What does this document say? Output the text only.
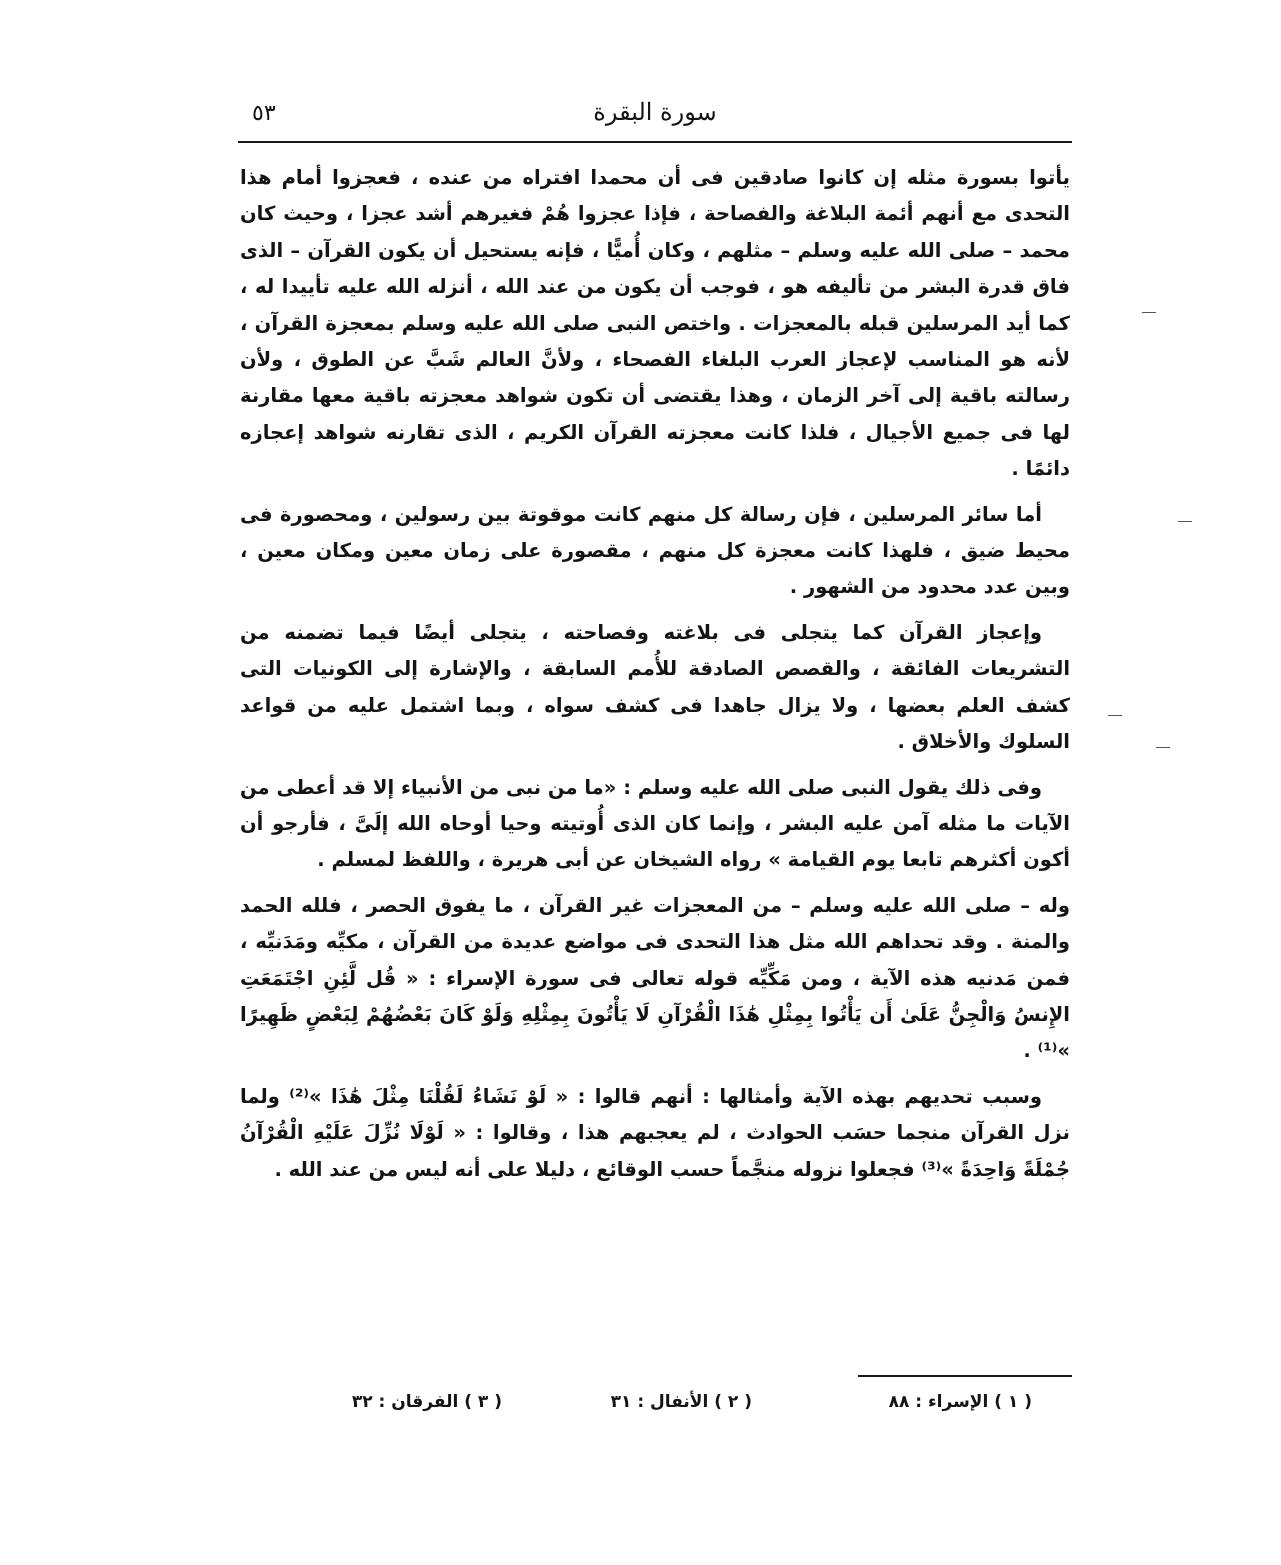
سورة البقرة
٥٣

يأتوا بسورة مثله إن كانوا صادقين فى أن محمدا افتراه من عنده ، فعجزوا أمام هذا التحدى مع أنهم أئمة البلاغة والفصاحة ، فإذا عجزوا هُمْ فغيرهم أشد عجزا ، وحيث كان محمد – صلى الله عليه وسلم – مثلهم ، وكان أُميًّا ، فإنه يستحيل أن يكون القرآن – الذى فاق قدرة البشر من تأليفه هو ، فوجب أن يكون من عند الله ، أنزله الله عليه تأييدا له ، كما أيد المرسلين قبله بالمعجزات . واختص النبى صلى الله عليه وسلم بمعجزة القرآن ، لأنه هو المناسب لإعجاز العرب البلغاء الفصحاء ، ولأنَّ العالم شَبَّ عن الطوق ، ولأن رسالته باقية إلى آخر الزمان ، وهذا يقتضى أن تكون شواهد معجزته باقية معها مقارنة لها فى جميع الأجيال ، فلذا كانت معجزته القرآن الكريم ، الذى تقارنه شواهد إعجازه دائمًا .

أما سائر المرسلين ، فإن رسالة كل منهم كانت موقوتة بين رسولين ، ومحصورة فى محيط ضيق ، فلهذا كانت معجزة كل منهم ، مقصورة على زمان معين ومكان معين ، وبين عدد محدود من الشهور .

وإعجاز القرآن كما يتجلى فى بلاغته وفصاحته ، يتجلى أيضًا فيما تضمنه من التشريعات الفائقة ، والقصص الصادقة للأُمم السابقة ، والإشارة إلى الكونيات التى كشف العلم بعضها ، ولا يزال جاهدا فى كشف سواه ، وبما اشتمل عليه من قواعد السلوك والأخلاق .

وفى ذلك يقول النبى صلى الله عليه وسلم : «ما من نبى من الأنبياء إلا قد أعطى من الآيات ما مثله آمن عليه البشر ، وإنما كان الذى أُوتيته وحيا أوحاه الله إلَىَّ ، فأرجو أن أكون أكثرهم تابعا يوم القيامة » رواه الشيخان عن أبى هريرة ، واللفظ لمسلم .

وله – صلى الله عليه وسلم – من المعجزات غير القرآن ، ما يفوق الحصر ، فلله الحمد والمنة . وقد تحداهم الله مثل هذا التحدى فى مواضع عديدة من القرآن ، مكيِّه ومَدَنيِّه ، فمن مَدنيه هذه الآية ، ومن مَكِّيِّه قوله تعالى فى سورة الإسراء : « قُل لَّئِنِ اجْتَمَعَتِ الإِنسُ وَالْجِنُّ عَلَىٰ أَن يَأْتُوا بِمِثْلِ هَٰذَا الْقُرْآنِ لَا يَأْتُونَ بِمِثْلِهِ وَلَوْ كَانَ بَعْضُهُمْ لِبَعْضٍ ظَهِيرًا »⁽¹⁾ .

وسبب تحديهم بهذه الآية وأمثالها : أنهم قالوا : « لَوْ نَشَاءُ لَقُلْنَا مِثْلَ هَٰذَا »⁽²⁾ ولما نزل القرآن منجما حسَب الحوادث ، لم يعجبهم هذا ، وقالوا : « لَوْلَا نُزِّلَ عَلَيْهِ الْقُرْآنُ جُمْلَةً وَاحِدَةً »⁽³⁾ فجعلوا نزوله منجَّماً حسب الوقائع ، دليلا على أنه ليس من عند الله .

( ١ ) الإسراء : ٨٨
( ٢ ) الأنفال : ٣١
( ٣ ) الفرقان : ٣٢
